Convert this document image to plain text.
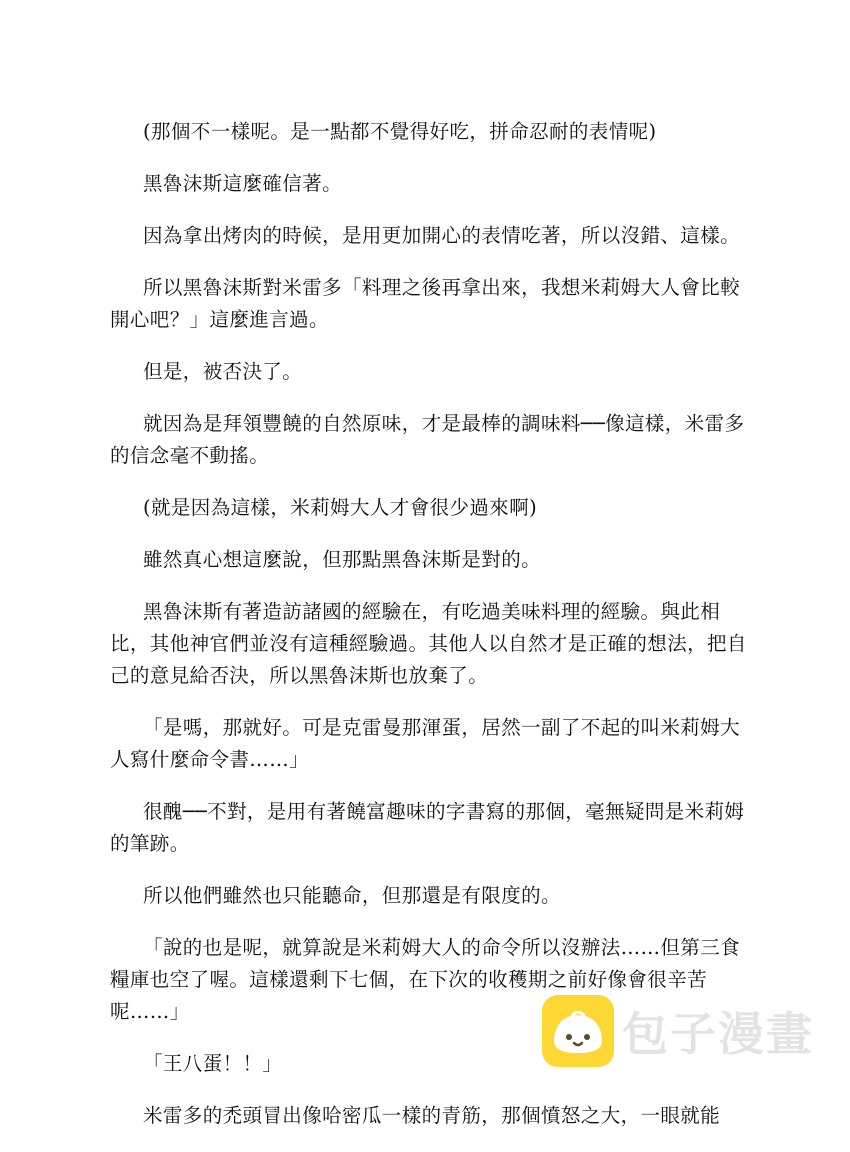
(那個不一樣呢。是一點都不覺得好吃，拼命忍耐的表情呢)

黑魯沫斯這麼確信著。

因為拿出烤肉的時候，是用更加開心的表情吃著，所以沒錯、這樣。

所以黑魯沫斯對米雷多「料理之後再拿出來，我想米莉姆大人會比較開心吧？」這麼進言過。

但是，被否決了。

就因為是拜領豐饒的自然原味，才是最棒的調味料──像這樣，米雷多的信念毫不動搖。

(就是因為這樣，米莉姆大人才會很少過來啊)

雖然真心想這麼說，但那點黑魯沫斯是對的。

黑魯沫斯有著造訪諸國的經驗在，有吃過美味料理的經驗。與此相比，其他神官們並沒有這種經驗過。其他人以自然才是正確的想法，把自己的意見給否決，所以黑魯沫斯也放棄了。

「是嗎，那就好。可是克雷曼那渾蛋，居然一副了不起的叫米莉姆大人寫什麼命令書……」

很醜──不對，是用有著饒富趣味的字書寫的那個，毫無疑問是米莉姆的筆跡。

所以他們雖然也只能聽命，但那還是有限度的。

「說的也是呢，就算說是米莉姆大人的命令所以沒辦法……但第三食糧庫也空了喔。這樣還剩下七個，在下次的收穫期之前好像會很辛苦呢……」

「王八蛋！！」

米雷多的禿頭冒出像哈密瓜一樣的青筋，那個憤怒之大，一眼就能

包子漫畫
